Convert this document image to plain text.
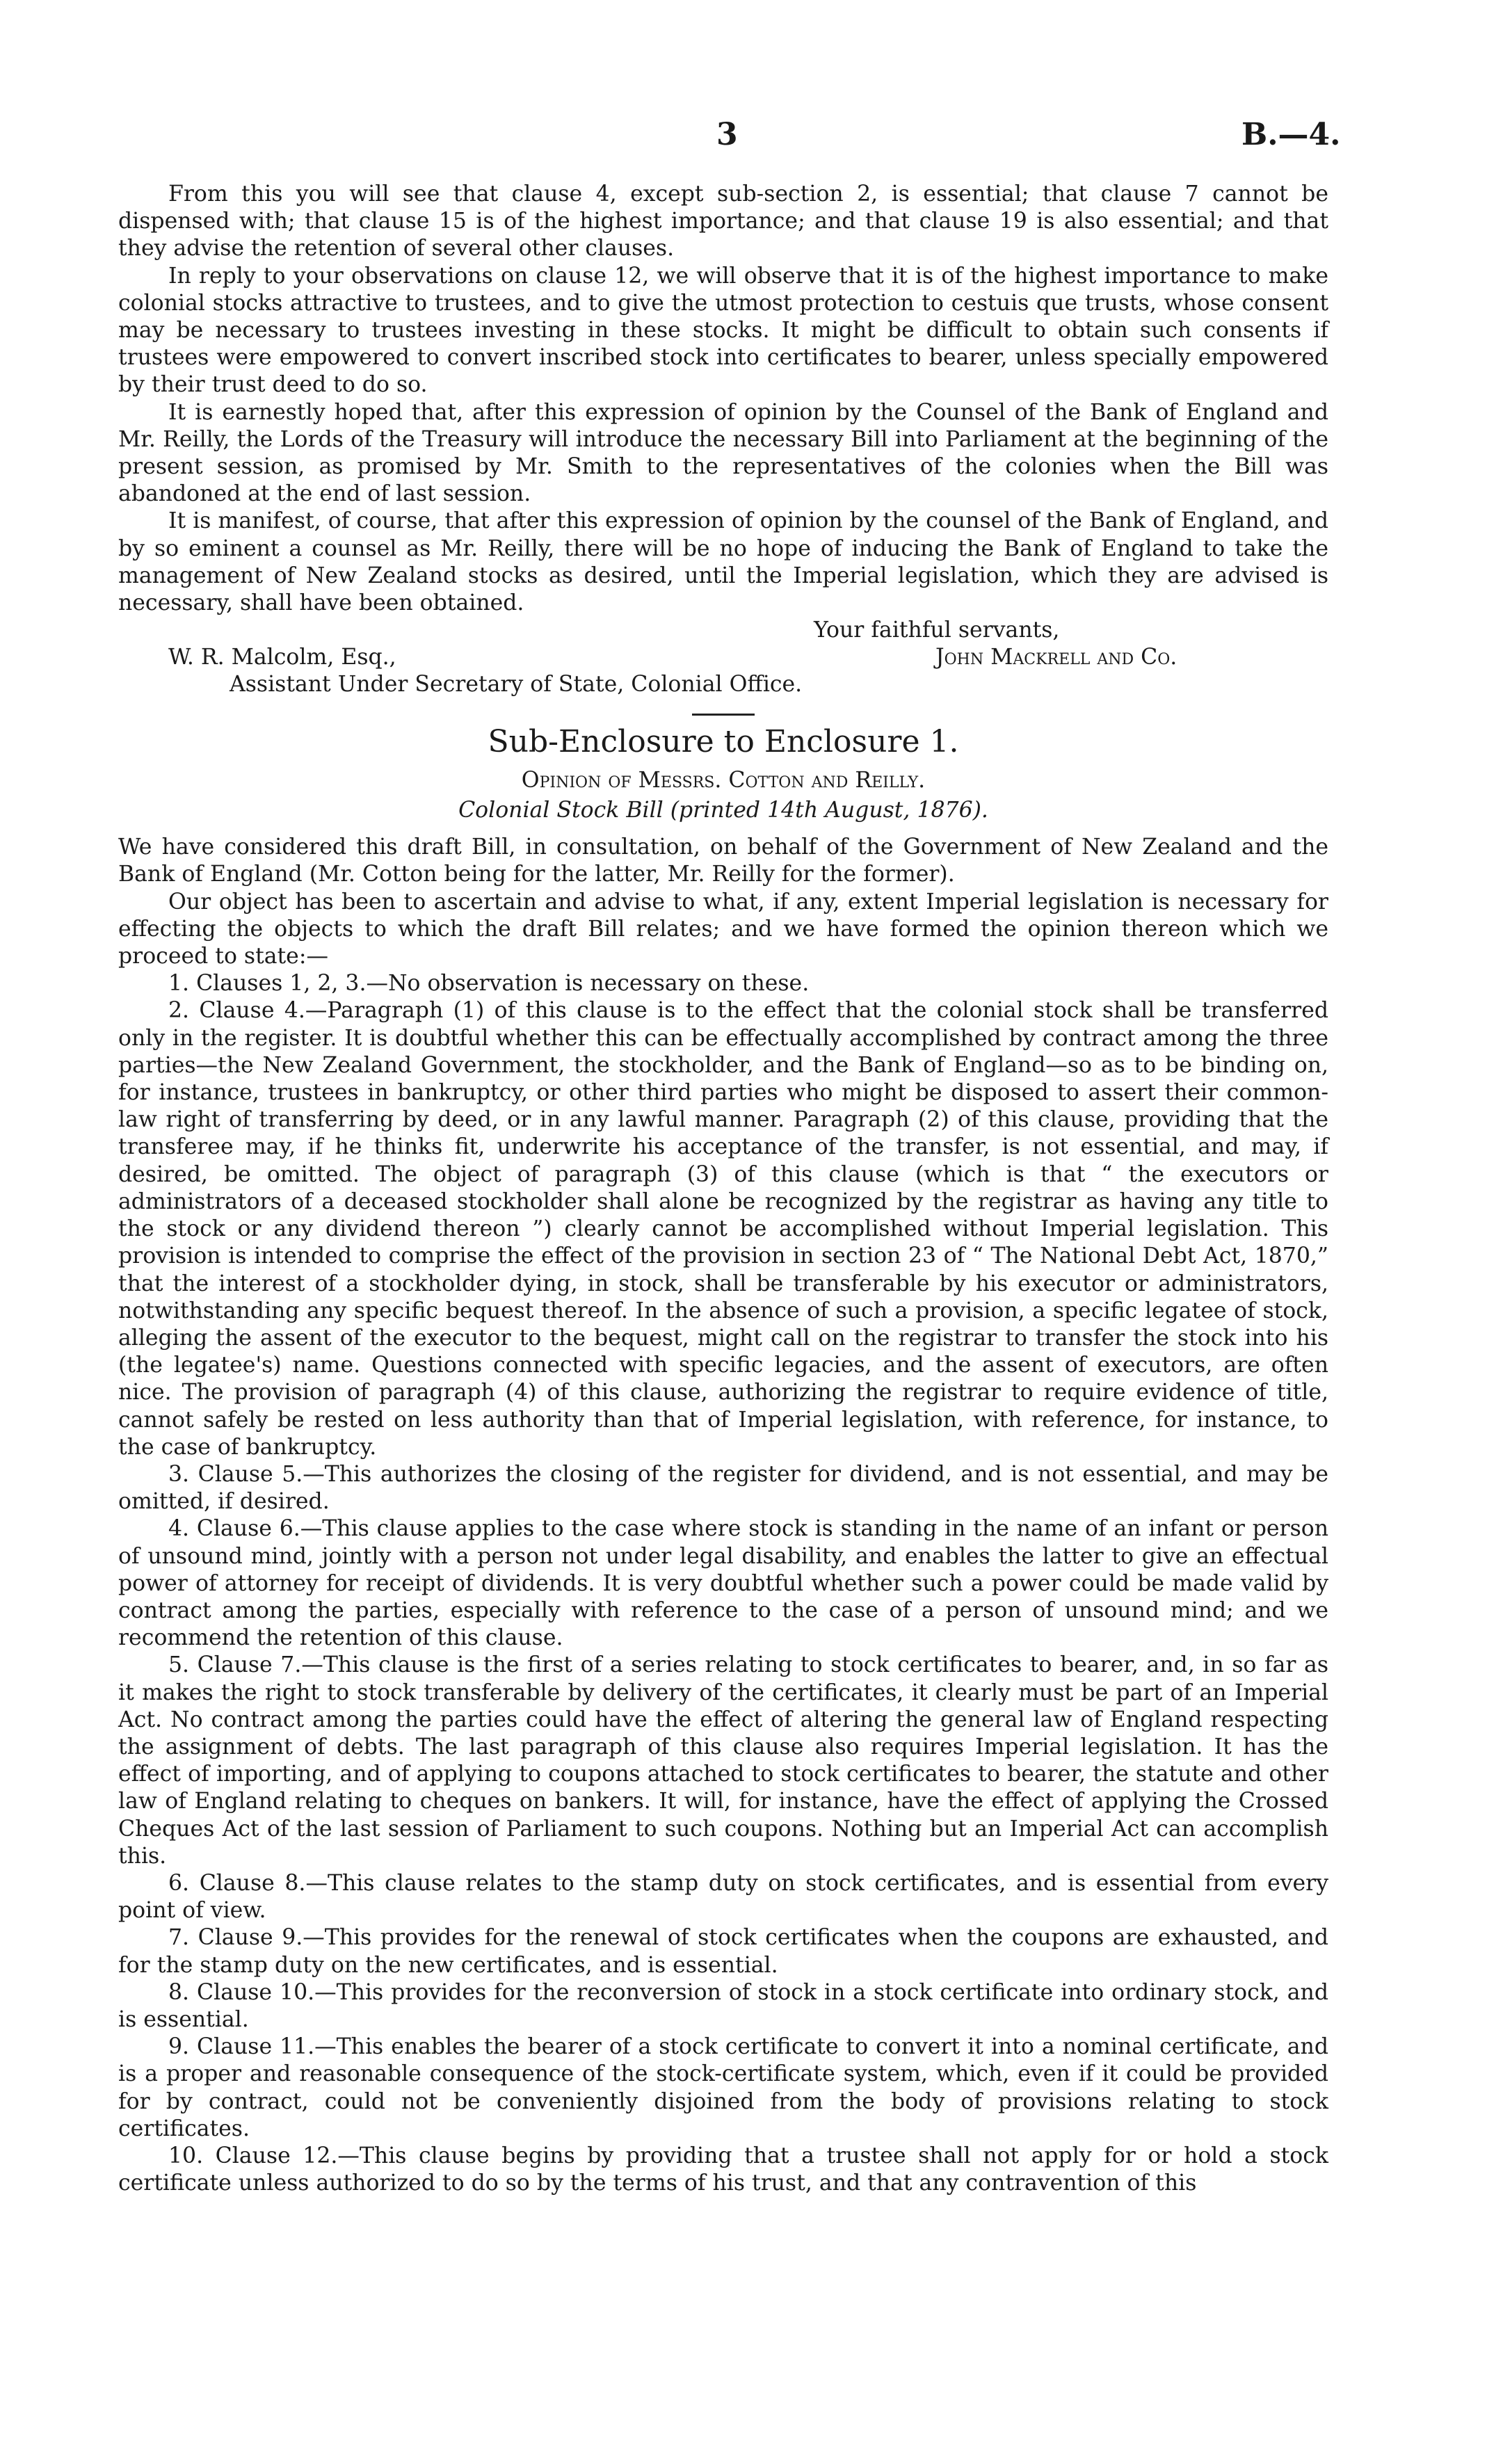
3	B.—4.

From this you will see that clause 4, except sub-section 2, is essential; that clause 7 cannot be dispensed with; that clause 15 is of the highest importance; and that clause 19 is also essential; and that they advise the retention of several other clauses.

In reply to your observations on clause 12, we will observe that it is of the highest importance to make colonial stocks attractive to trustees, and to give the utmost protection to cestuis que trusts, whose consent may be necessary to trustees investing in these stocks. It might be difficult to obtain such consents if trustees were empowered to convert inscribed stock into certificates to bearer, unless specially empowered by their trust deed to do so.

It is earnestly hoped that, after this expression of opinion by the Counsel of the Bank of England and Mr. Reilly, the Lords of the Treasury will introduce the necessary Bill into Parliament at the beginning of the present session, as promised by Mr. Smith to the representatives of the colonies when the Bill was abandoned at the end of last session.

It is manifest, of course, that after this expression of opinion by the counsel of the Bank of England, and by so eminent a counsel as Mr. Reilly, there will be no hope of inducing the Bank of England to take the management of New Zealand stocks as desired, until the Imperial legislation, which they are advised is necessary, shall have been obtained.

Your faithful servants,
W. R. Malcolm, Esq.,	John Mackrell and Co.
Assistant Under Secretary of State, Colonial Office.
Sub-Enclosure to Enclosure 1.
Opinion of Messrs. Cotton and Reilly.
Colonial Stock Bill (printed 14th August, 1876).

We have considered this draft Bill, in consultation, on behalf of the Government of New Zealand and the Bank of England (Mr. Cotton being for the latter, Mr. Reilly for the former).

Our object has been to ascertain and advise to what, if any, extent Imperial legislation is necessary for effecting the objects to which the draft Bill relates; and we have formed the opinion thereon which we proceed to state:—

1. Clauses 1, 2, 3.—No observation is necessary on these.

2. Clause 4.—Paragraph (1) of this clause is to the effect that the colonial stock shall be transferred only in the register. It is doubtful whether this can be effectually accomplished by contract among the three parties—the New Zealand Government, the stockholder, and the Bank of England—so as to be binding on, for instance, trustees in bankruptcy, or other third parties who might be disposed to assert their common-law right of transferring by deed, or in any lawful manner. Paragraph (2) of this clause, providing that the transferee may, if he thinks fit, underwrite his acceptance of the transfer, is not essential, and may, if desired, be omitted. The object of paragraph (3) of this clause (which is that “ the executors or administrators of a deceased stockholder shall alone be recognized by the registrar as having any title to the stock or any dividend thereon ”) clearly cannot be accomplished without Imperial legislation. This provision is intended to comprise the effect of the provision in section 23 of “ The National Debt Act, 1870,” that the interest of a stockholder dying, in stock, shall be transferable by his executor or administrators, notwithstanding any specific bequest thereof. In the absence of such a provision, a specific legatee of stock, alleging the assent of the executor to the bequest, might call on the registrar to transfer the stock into his (the legatee's) name. Questions connected with specific legacies, and the assent of executors, are often nice. The provision of paragraph (4) of this clause, authorizing the registrar to require evidence of title, cannot safely be rested on less authority than that of Imperial legislation, with reference, for instance, to the case of bankruptcy.

3. Clause 5.—This authorizes the closing of the register for dividend, and is not essential, and may be omitted, if desired.

4. Clause 6.—This clause applies to the case where stock is standing in the name of an infant or person of unsound mind, jointly with a person not under legal disability, and enables the latter to give an effectual power of attorney for receipt of dividends. It is very doubtful whether such a power could be made valid by contract among the parties, especially with reference to the case of a person of unsound mind; and we recommend the retention of this clause.

5. Clause 7.—This clause is the first of a series relating to stock certificates to bearer, and, in so far as it makes the right to stock transferable by delivery of the certificates, it clearly must be part of an Imperial Act. No contract among the parties could have the effect of altering the general law of England respecting the assignment of debts. The last paragraph of this clause also requires Imperial legislation. It has the effect of importing, and of applying to coupons attached to stock certificates to bearer, the statute and other law of England relating to cheques on bankers. It will, for instance, have the effect of applying the Crossed Cheques Act of the last session of Parliament to such coupons. Nothing but an Imperial Act can accomplish this.

6. Clause 8.—This clause relates to the stamp duty on stock certificates, and is essential from every point of view.

7. Clause 9.—This provides for the renewal of stock certificates when the coupons are exhausted, and for the stamp duty on the new certificates, and is essential.

8. Clause 10.—This provides for the reconversion of stock in a stock certificate into ordinary stock, and is essential.

9. Clause 11.—This enables the bearer of a stock certificate to convert it into a nominal certificate, and is a proper and reasonable consequence of the stock-certificate system, which, even if it could be provided for by contract, could not be conveniently disjoined from the body of provisions relating to stock certificates.

10. Clause 12.—This clause begins by providing that a trustee shall not apply for or hold a stock certificate unless authorized to do so by the terms of his trust, and that any contravention of this
